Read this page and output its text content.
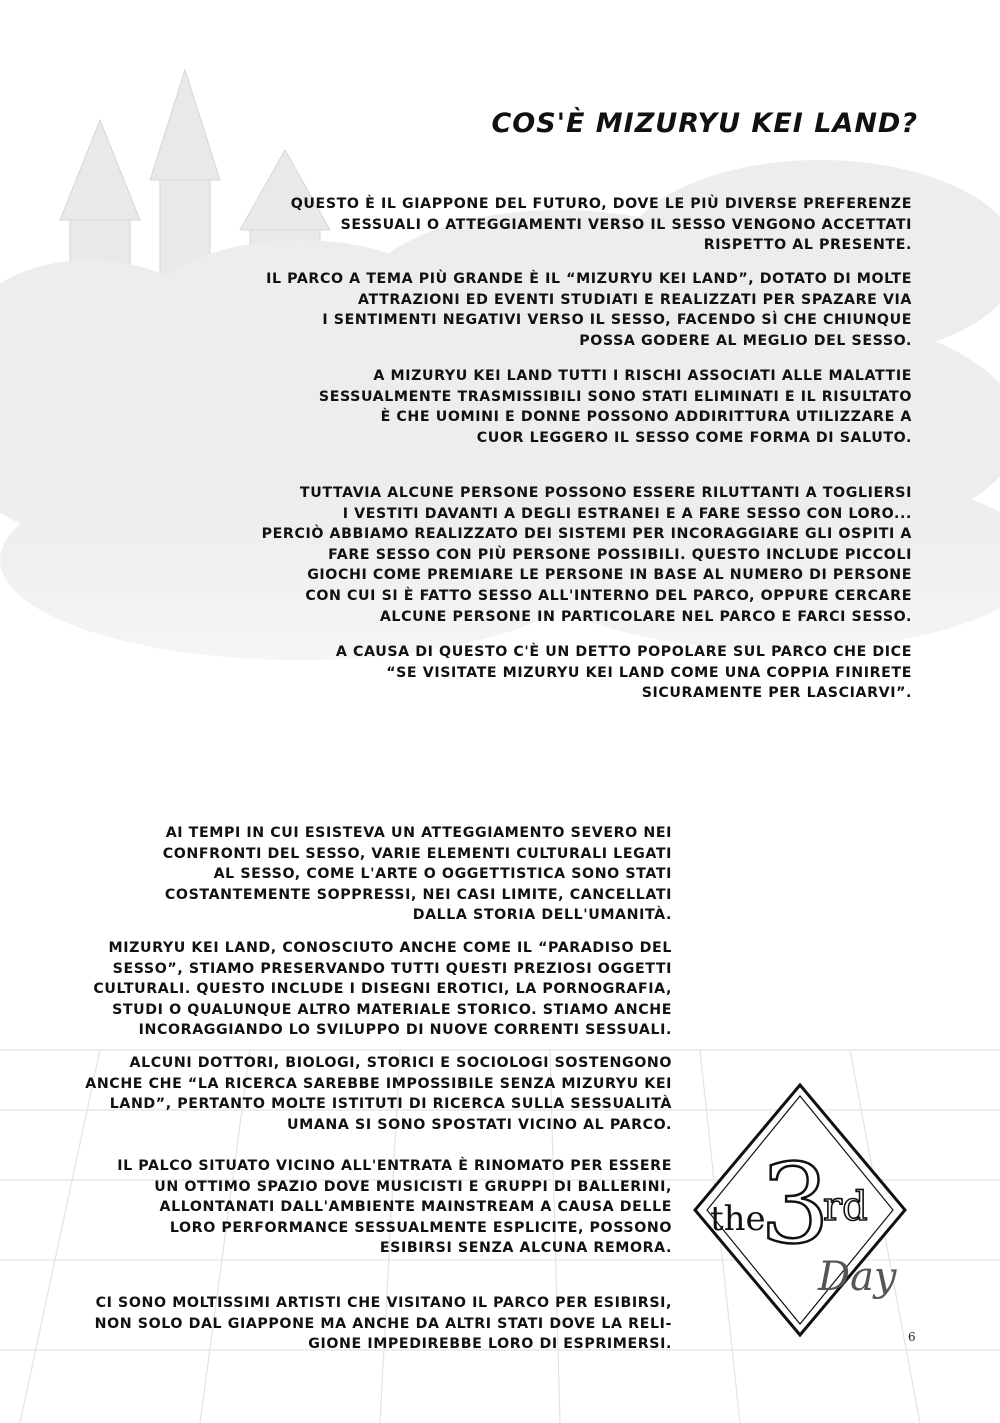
COS'È MIZURYU KEI LAND?

QUESTO È IL GIAPPONE DEL FUTURO, DOVE LE PIÙ DIVERSE PREFERENZE
SESSUALI O ATTEGGIAMENTI VERSO IL SESSO VENGONO ACCETTATI
RISPETTO AL PRESENTE.

IL PARCO A TEMA PIÙ GRANDE È IL “MIZURYU KEI LAND”, DOTATO DI MOLTE
ATTRAZIONI ED EVENTI STUDIATI E REALIZZATI PER SPAZARE VIA
I SENTIMENTI NEGATIVI VERSO IL SESSO, FACENDO SÌ CHE CHIUNQUE
POSSA GODERE AL MEGLIO DEL SESSO.

A MIZURYU KEI LAND TUTTI I RISCHI ASSOCIATI ALLE MALATTIE
SESSUALMENTE TRASMISSIBILI SONO STATI ELIMINATI E IL RISULTATO
È CHE UOMINI E DONNE POSSONO ADDIRITTURA UTILIZZARE A
CUOR LEGGERO IL SESSO COME FORMA DI SALUTO.

TUTTAVIA ALCUNE PERSONE POSSONO ESSERE RILUTTANTI A TOGLIERSI
I VESTITI DAVANTI A DEGLI ESTRANEI E A FARE SESSO CON LORO...
PERCIÒ ABBIAMO REALIZZATO DEI SISTEMI PER INCORAGGIARE GLI OSPITI A
FARE SESSO CON PIÙ PERSONE POSSIBILI. QUESTO INCLUDE PICCOLI
GIOCHI COME PREMIARE LE PERSONE IN BASE AL NUMERO DI PERSONE
CON CUI SI È FATTO SESSO ALL'INTERNO DEL PARCO, OPPURE CERCARE
ALCUNE PERSONE IN PARTICOLARE NEL PARCO E FARCI SESSO.

A CAUSA DI QUESTO C'È UN DETTO POPOLARE SUL PARCO CHE DICE
“SE VISITATE MIZURYU KEI LAND COME UNA COPPIA FINIRETE
SICURAMENTE PER LASCIARVI”.

AI TEMPI IN CUI ESISTEVA UN ATTEGGIAMENTO SEVERO NEI
CONFRONTI DEL SESSO, VARIE ELEMENTI CULTURALI LEGATI
AL SESSO, COME L'ARTE O OGGETTISTICA SONO STATI
COSTANTEMENTE SOPPRESSI, NEI CASI LIMITE, CANCELLATI
DALLA STORIA DELL'UMANITÀ.

MIZURYU KEI LAND, CONOSCIUTO ANCHE COME IL “PARADISO DEL
SESSO”, STIAMO PRESERVANDO TUTTI QUESTI PREZIOSI OGGETTI
CULTURALI. QUESTO INCLUDE I DISEGNI EROTICI, LA PORNOGRAFIA,
STUDI O QUALUNQUE ALTRO MATERIALE STORICO. STIAMO ANCHE
INCORAGGIANDO LO SVILUPPO DI NUOVE CORRENTI SESSUALI.

ALCUNI DOTTORI, BIOLOGI, STORICI E SOCIOLOGI SOSTENGONO
ANCHE CHE “LA RICERCA SAREBBE IMPOSSIBILE SENZA MIZURYU KEI
LAND”, PERTANTO MOLTE ISTITUTI DI RICERCA SULLA SESSUALITÀ
UMANA SI SONO SPOSTATI VICINO AL PARCO.

IL PALCO SITUATO VICINO ALL'ENTRATA È RINOMATO PER ESSERE
UN OTTIMO SPAZIO DOVE MUSICISTI E GRUPPI DI BALLERINI,
ALLONTANATI DALL'AMBIENTE MAINSTREAM A CAUSA DELLE
LORO PERFORMANCE SESSUALMENTE ESPLICITE, POSSONO
ESIBIRSI SENZA ALCUNA REMORA.

CI SONO MOLTISSIMI ARTISTI CHE VISITANO IL PARCO PER ESIBIRSI,
NON SOLO DAL GIAPPONE MA ANCHE DA ALTRI STATI DOVE LA RELI-
GIONE IMPEDIREBBE LORO DI ESPRIMERSI.

the
3
rd
Day
6
